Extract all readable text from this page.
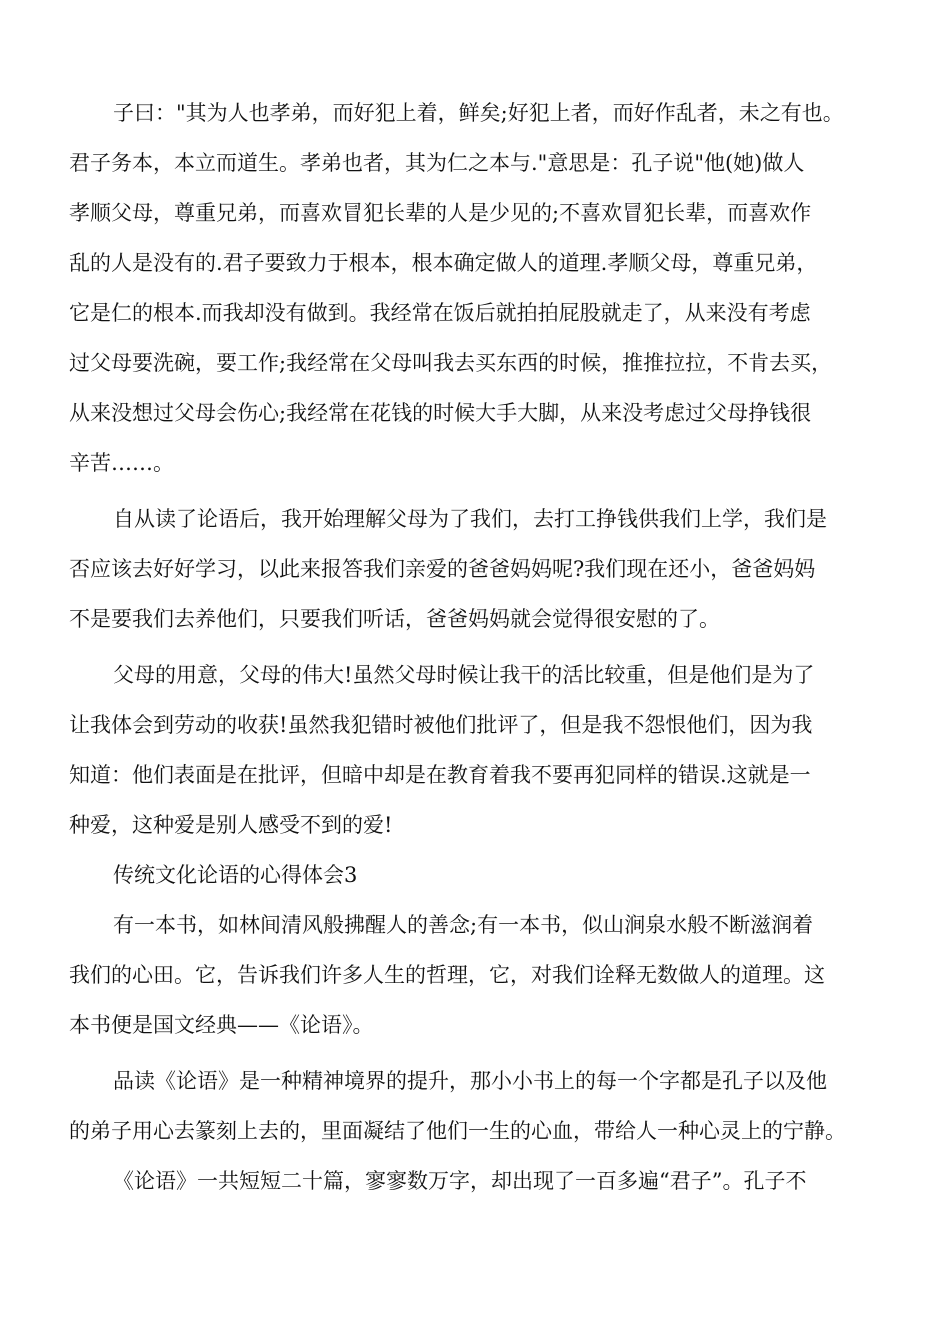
子曰："其为人也孝弟，而好犯上着，鲜矣;好犯上者，而好作乱者，未之有也。
君子务本，本立而道生。孝弟也者，其为仁之本与."意思是：孔子说"他(她)做人
孝顺父母，尊重兄弟，而喜欢冒犯长辈的人是少见的;不喜欢冒犯长辈，而喜欢作
乱的人是没有的.君子要致力于根本，根本确定做人的道理.孝顺父母，尊重兄弟，
它是仁的根本.而我却没有做到。我经常在饭后就拍拍屁股就走了，从来没有考虑
过父母要洗碗，要工作;我经常在父母叫我去买东西的时候，推推拉拉，不肯去买，
从来没想过父母会伤心;我经常在花钱的时候大手大脚，从来没考虑过父母挣钱很
辛苦……。
自从读了论语后，我开始理解父母为了我们，去打工挣钱供我们上学，我们是
否应该去好好学习，以此来报答我们亲爱的爸爸妈妈呢?我们现在还小，爸爸妈妈
不是要我们去养他们，只要我们听话，爸爸妈妈就会觉得很安慰的了。
父母的用意，父母的伟大!虽然父母时候让我干的活比较重，但是他们是为了
让我体会到劳动的收获!虽然我犯错时被他们批评了，但是我不怨恨他们，因为我
知道：他们表面是在批评，但暗中却是在教育着我不要再犯同样的错误.这就是一
种爱，这种爱是别人感受不到的爱!
传统文化论语的心得体会3
有一本书，如林间清风般拂醒人的善念;有一本书，似山涧泉水般不断滋润着
我们的心田。它，告诉我们许多人生的哲理，它，对我们诠释无数做人的道理。这
本书便是国文经典——《论语》。
品读《论语》是一种精神境界的提升，那小小书上的每一个字都是孔子以及他
的弟子用心去篆刻上去的，里面凝结了他们一生的心血，带给人一种心灵上的宁静。
《论语》一共短短二十篇，寥寥数万字，却出现了一百多遍“君子”。孔子不
